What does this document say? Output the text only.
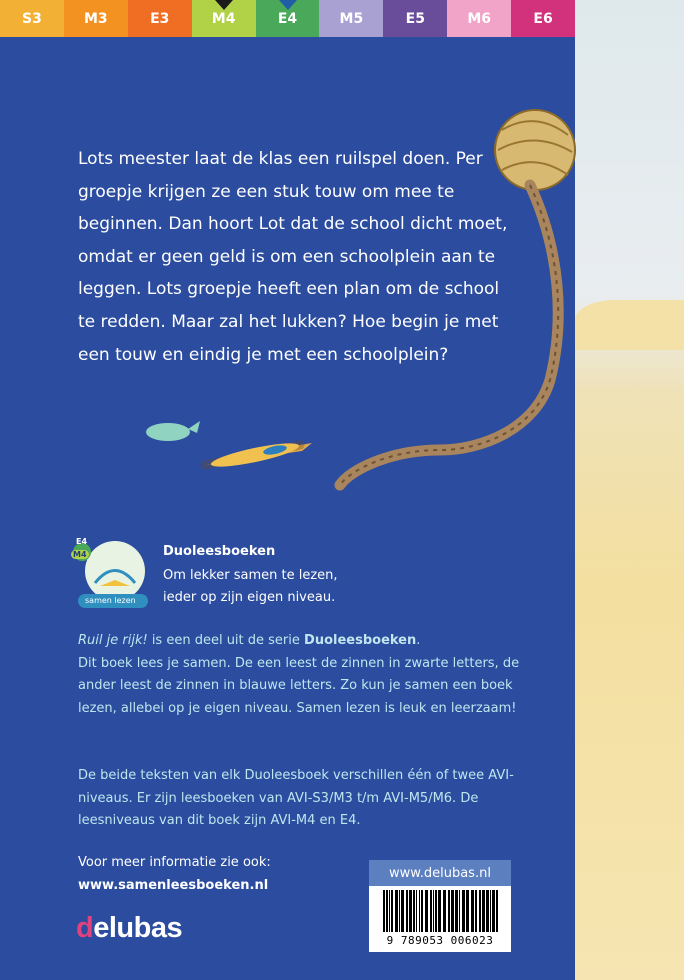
S3	M3	E3	M4	E4	M5	E5	M6	E6
Lots meester laat de klas een ruilspel doen. Per groepje krijgen ze een stuk touw om mee te beginnen. Dan hoort Lot dat de school dicht moet, omdat er geen geld is om een schoolplein aan te leggen. Lots groepje heeft een plan om de school te redden. Maar zal het lukken? Hoe begin je met een touw en eindig je met een schoolplein?
E4
M4
samen lezen
Duoleesboeken
Om lekker samen te lezen,
ieder op zijn eigen niveau.
Ruil je rijk! is een deel uit de serie Duoleesboeken.
Dit boek lees je samen. De een leest de zinnen in zwarte letters, de ander leest de zinnen in blauwe letters. Zo kun je samen een boek lezen, allebei op je eigen niveau. Samen lezen is leuk en leerzaam!
De beide teksten van elk Duoleesboek verschillen één of twee AVI-niveaus. Er zijn leesboeken van AVI-S3/M3 t/m AVI-M5/M6. De leesniveaus van dit boek zijn AVI-M4 en E4.
Voor meer informatie zie ook:
www.samenleesboeken.nl
www.delubas.nl
9 789053 006023
delubas
